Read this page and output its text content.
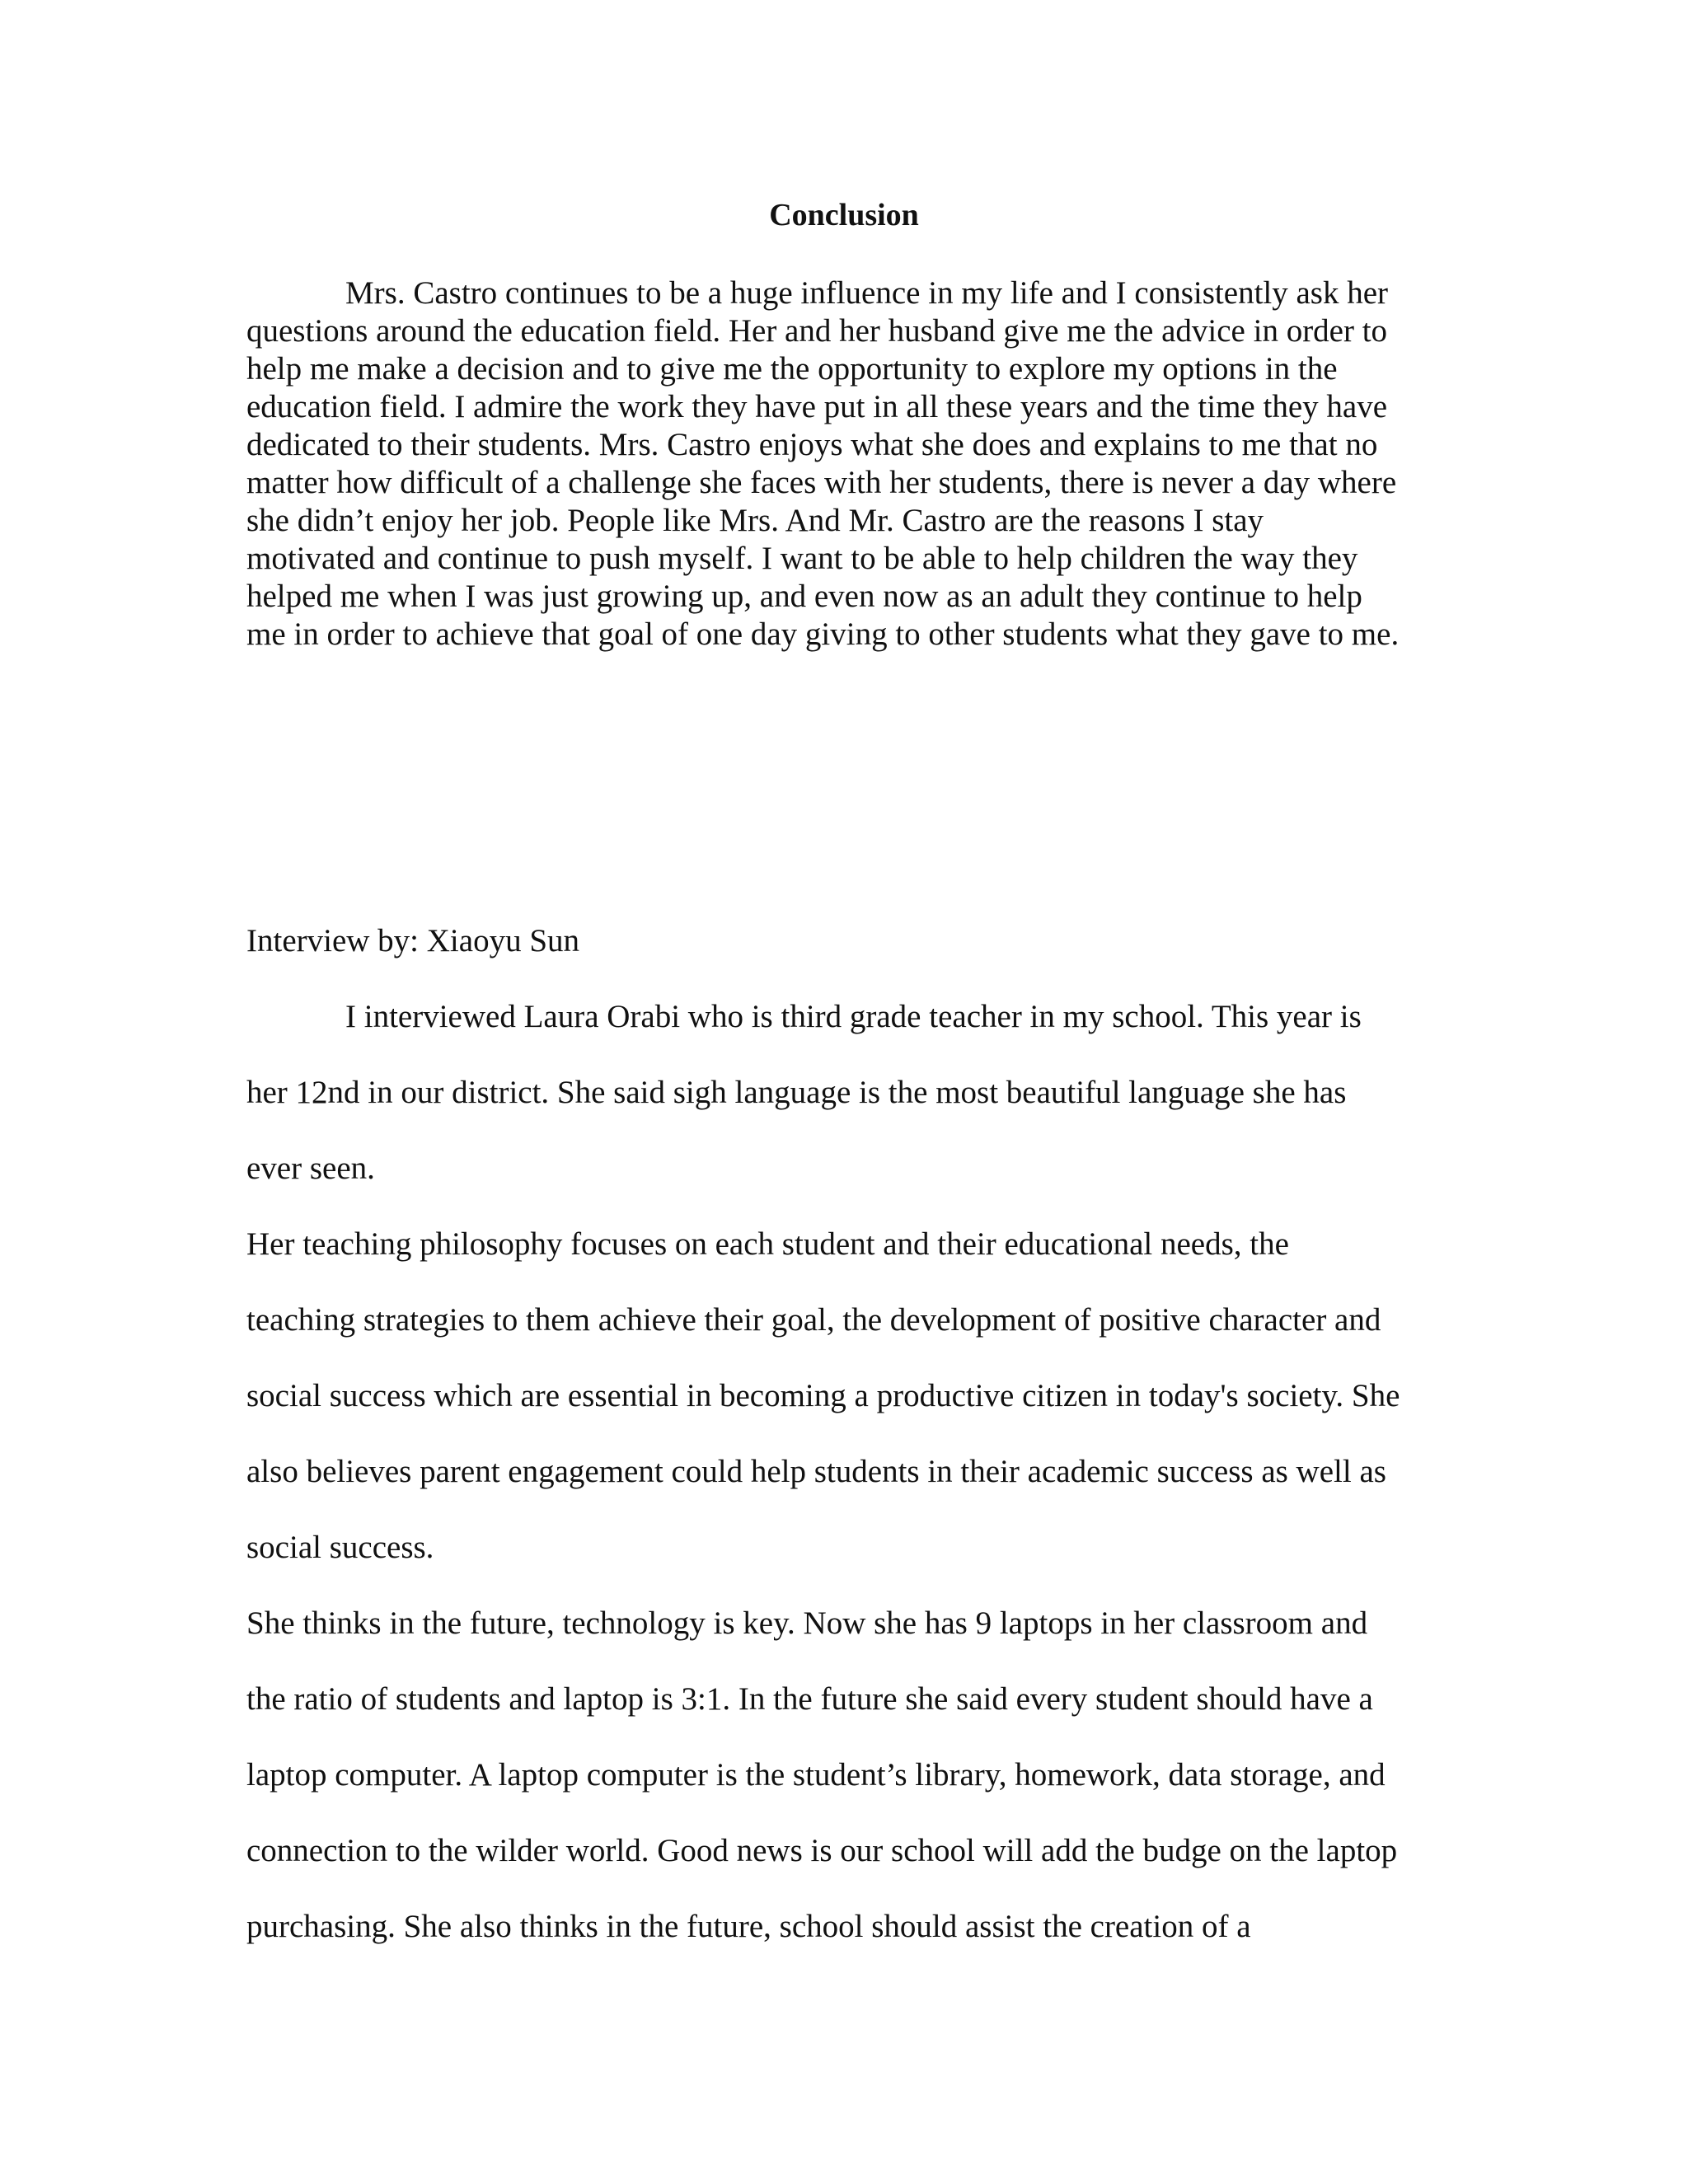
Conclusion

Mrs. Castro continues to be a huge influence in my life and I consistently ask her

questions around the education field. Her and her husband give me the advice in order to

help me make a decision and to give me the opportunity to explore my options in the

education field. I admire the work they have put in all these years and the time they have

dedicated to their students. Mrs. Castro enjoys what she does and explains to me that no

matter how difficult of a challenge she faces with her students, there is never a day where

she didn’t enjoy her job. People like Mrs. And Mr. Castro are the reasons I stay

motivated and continue to push myself. I want to be able to help children the way they

helped me when I was just growing up, and even now as an adult they continue to help

me in order to achieve that goal of one day giving to other students what they gave to me.

Interview by: Xiaoyu Sun

I interviewed Laura Orabi who is third grade teacher in my school. This year is

her 12nd in our district. She said sigh language is the most beautiful language she has

ever seen.

Her teaching philosophy focuses on each student and their educational needs, the

teaching strategies to them achieve their goal, the development of positive character and

social success which are essential in becoming a productive citizen in today's society. She

also believes parent engagement could help students in their academic success as well as

social success.

She thinks in the future, technology is key. Now she has 9 laptops in her classroom and

the ratio of students and laptop is 3:1. In the future she said every student should have a

laptop computer. A laptop computer is the student’s library, homework, data storage, and

connection to the wilder world. Good news is our school will add the budge on the laptop

purchasing. She also thinks in the future, school should assist the creation of a
